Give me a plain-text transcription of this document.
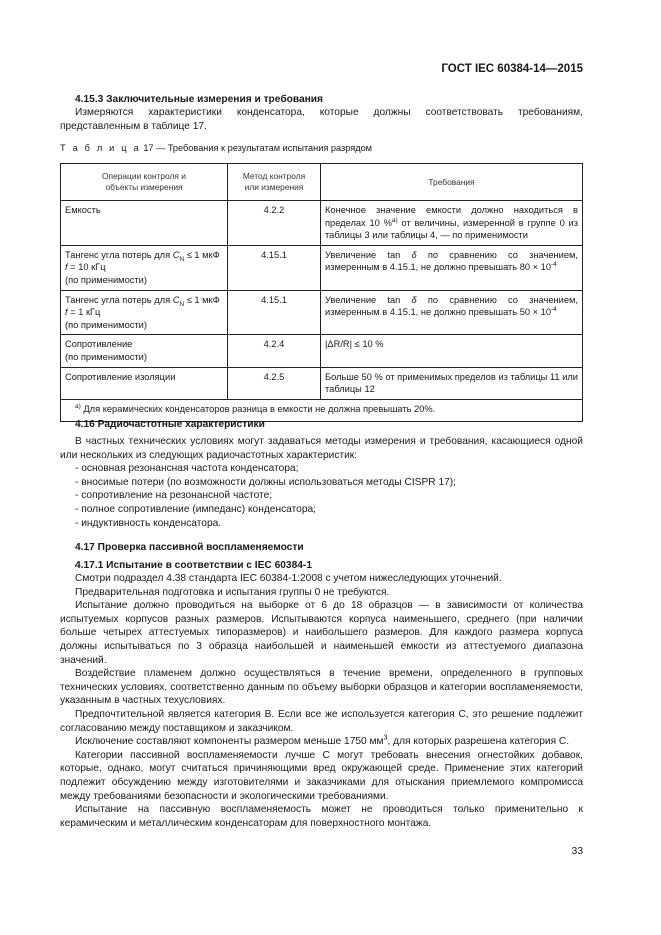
ГОСТ IEC 60384-14—2015
4.15.3 Заключительные измерения и требования

Измеряются характеристики конденсатора, которые должны соответствовать требованиям, представленным в таблице 17.

Т а б л и ц а 17 — Требования к результатам испытания разрядом
Операции контроля и объекты измерения	Метод контроля или измерения	Требования
Емкость	4.2.2	Конечное значение емкости должно находиться в пределах 10 %$^{а)}$ от величины, измеренной в группе 0 из таблицы 3 или таблицы 4, — по применимости
Тангенс угла потерь для $C_N \le 1$ мкФ
f = 10 кГц
(по применимости)	4.15.1	Увеличение tan δ по сравнению со значением, измеренным в 4.15.1, не должно превышать $80 \times 10^{-4}$
Тангенс угла потерь для $C_N \le 1$ мкФ
f = 1 кГц
(по применимости)	4.15.1	Увеличение tan δ по сравнению со значением, измеренным в 4.15.1, не должно превышать $50 \times 10^{-4}$
Сопротивление
(по применимости)	4.2.4	|ΔR/R| ≤ 10 %
Сопротивление изоляции	4.2.5	Больше 50 % от применимых пределов из таблицы 11 или таблицы 12
$^{а)}$ Для керамических конденсаторов разница в емкости не должна превышать 20%.		
4.16 Радиочастотные характеристики

В частных технических условиях могут задаваться методы измерения и требования, касающиеся одной или нескольких из следующих радиочастотных характеристик:

- основная резонансная частота конденсатора;
- вносимые потери (по возможности должны использоваться методы CISPR 17);
- сопротивление на резонансной частоте;
- полное сопротивление (импеданс) конденсатора;
- индуктивность конденсатора.
4.17 Проверка пассивной воспламеняемости
4.17.1 Испытание в соответствии с IEC 60384-1

Смотри подраздел 4.38 стандарта IEC 60384-1:2008 с учетом нижеследующих уточнений.

Предварительная подготовка и испытания группы 0 не требуются.

Испытание должно проводиться на выборке от 6 до 18 образцов — в зависимости от количества испытуемых корпусов разных размеров. Испытываются корпуса наименьшего, среднего (при наличии больше четырех аттестуемых типоразмеров) и наибольшего размеров. Для каждого размера корпуса должны испытываться по 3 образца наибольшей и наименьшей емкости из аттестуемого диапазона значений.

Воздействие пламенем должно осуществляться в течение времени, определенного в групповых технических условиях, соответственно данным по объему выборки образцов и категории воспламеняемости, указанным в частных техусловиях.

Предпочтительной является категория В. Если все же используется категория С, это решение подлежит согласованию между поставщиком и заказчиком.

Исключение составляют компоненты размером меньше 1750 $мм^3$, для которых разрешена категория С.

Категории пассивной воспламеняемости лучше С могут требовать внесения огнестойких добавок, которые, однако, могут считаться причиняющими вред окружающей среде. Применение этих категорий подлежит обсуждению между изготовителями и заказчиками для отыскания приемлемого компромисса между требованиями безопасности и экологическими требованиями.

Испытание на пассивную воспламеняемость может не проводиться только применительно к керамическим и металлическим конденсаторам для поверхностного монтажа.

33
